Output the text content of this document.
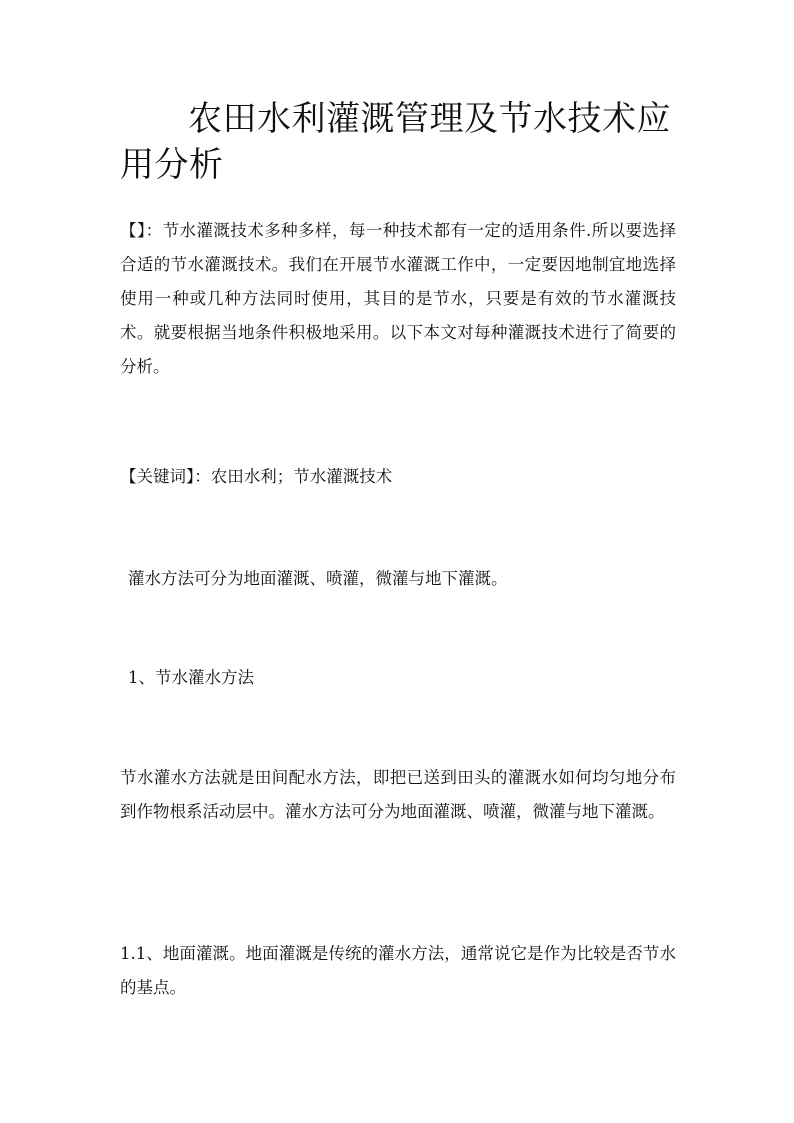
农田水利灌溉管理及节水技术应用分析

【】：节水灌溉技术多种多样，每一种技术都有一定的适用条件.所以要选择合适的节水灌溉技术。我们在开展节水灌溉工作中，一定要因地制宜地选择使用一种或几种方法同时使用，其目的是节水，只要是有效的节水灌溉技术。就要根据当地条件积极地采用。以下本文对每种灌溉技术进行了简要的分析。

【关键词】：农田水利；节水灌溉技术

灌水方法可分为地面灌溉、喷灌，微灌与地下灌溉。

1、节水灌水方法

节水灌水方法就是田间配水方法，即把已送到田头的灌溉水如何均匀地分布到作物根系活动层中。灌水方法可分为地面灌溉、喷灌，微灌与地下灌溉。

1.1、地面灌溉。地面灌溉是传统的灌水方法，通常说它是作为比较是否节水的基点。
